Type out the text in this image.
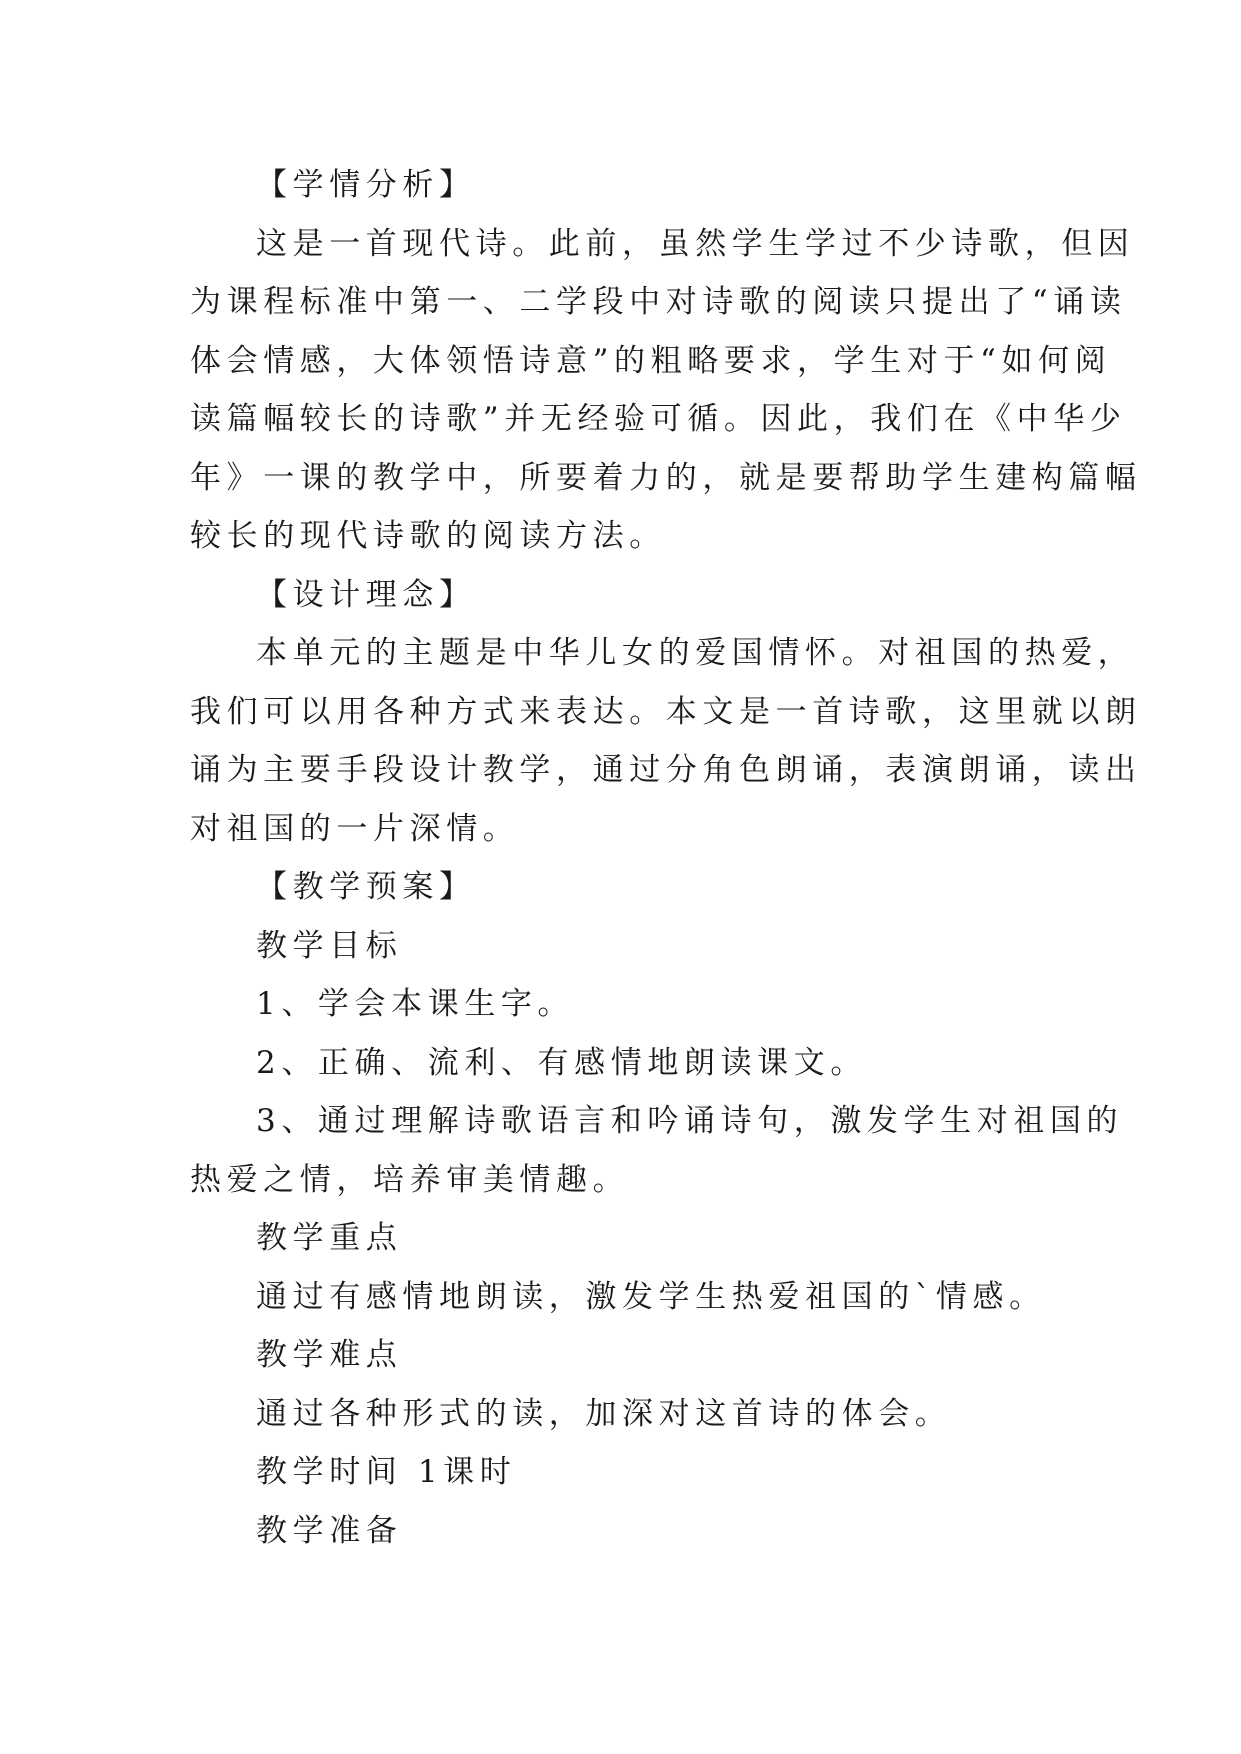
【学情分析】

这是一首现代诗。此前，虽然学生学过不少诗歌，但因

为课程标准中第一、二学段中对诗歌的阅读只提出了“诵读

体会情感，大体领悟诗意”的粗略要求，学生对于“如何阅

读篇幅较长的诗歌”并无经验可循。因此，我们在《中华少

年》一课的教学中，所要着力的，就是要帮助学生建构篇幅

较长的现代诗歌的阅读方法。

【设计理念】

本单元的主题是中华儿女的爱国情怀。对祖国的热爱，

我们可以用各种方式来表达。本文是一首诗歌，这里就以朗

诵为主要手段设计教学，通过分角色朗诵，表演朗诵，读出

对祖国的一片深情。

【教学预案】

教学目标

1、学会本课生字。

2、正确、流利、有感情地朗读课文。

3、通过理解诗歌语言和吟诵诗句，激发学生对祖国的

热爱之情，培养审美情趣。

教学重点

通过有感情地朗读，激发学生热爱祖国的`情感。

教学难点

通过各种形式的读，加深对这首诗的体会。

教学时间 1课时

教学准备
